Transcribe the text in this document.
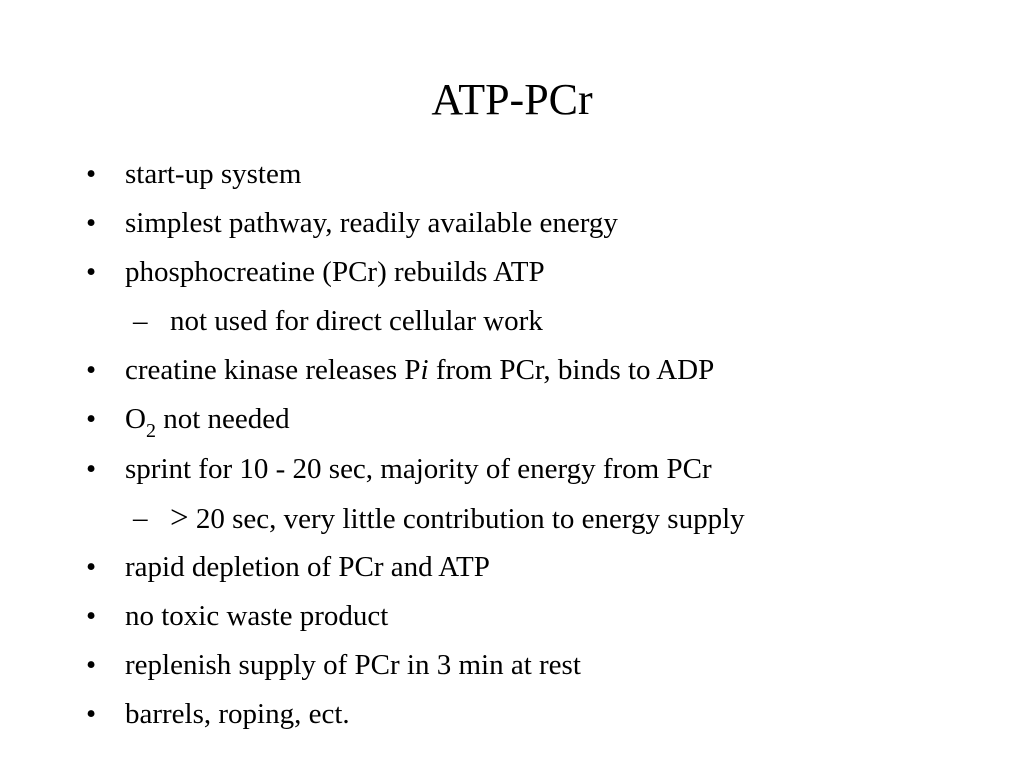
ATP-PCr
• start-up system
• simplest pathway, readily available energy
• phosphocreatine (PCr) rebuilds ATP
– not used for direct cellular work
• creatine kinase releases Pi from PCr, binds to ADP
• $O_2$ not needed
• sprint for 10 - 20 sec, majority of energy from PCr
– > 20 sec, very little contribution to energy supply
• rapid depletion of PCr and ATP
• no toxic waste product
• replenish supply of PCr in 3 min at rest
• barrels, roping, ect.
